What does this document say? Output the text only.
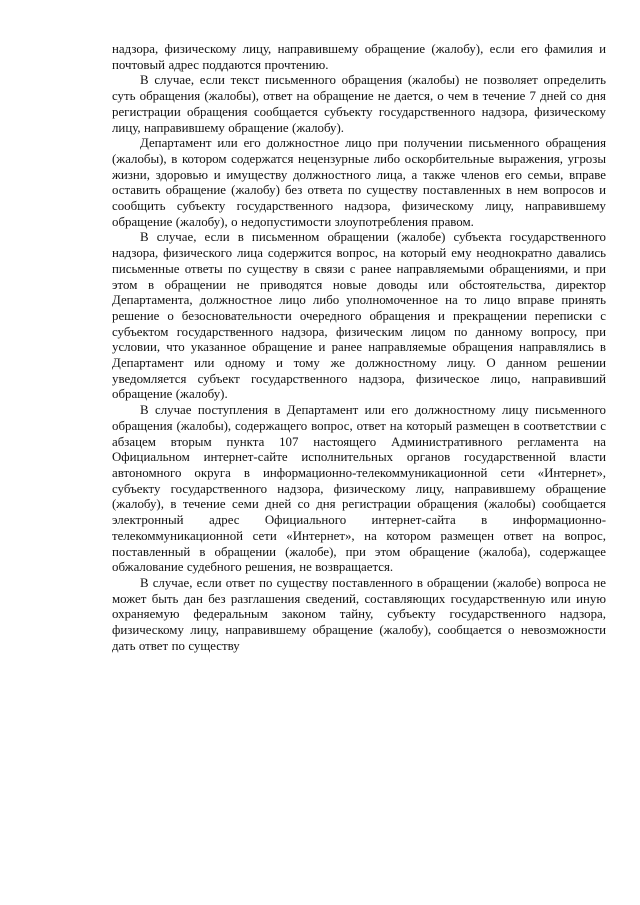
надзора, физическому лицу, направившему обращение (жалобу), если его фамилия и почтовый адрес поддаются прочтению.

В случае, если текст письменного обращения (жалобы) не позволяет определить суть обращения (жалобы), ответ на обращение не дается, о чем в течение 7 дней со дня регистрации обращения сообщается субъекту государственного надзора, физическому лицу, направившему обращение (жалобу).

Департамент или его должностное лицо при получении письменного обращения (жалобы), в котором содержатся нецензурные либо оскорбительные выражения, угрозы жизни, здоровью и имуществу должностного лица, а также членов его семьи, вправе оставить обращение (жалобу) без ответа по существу поставленных в нем вопросов и сообщить субъекту государственного надзора, физическому лицу, направившему обращение (жалобу), о недопустимости злоупотребления правом.

В случае, если в письменном обращении (жалобе) субъекта государственного надзора, физического лица содержится вопрос, на который ему неоднократно давались письменные ответы по существу в связи с ранее направляемыми обращениями, и при этом в обращении не приводятся новые доводы или обстоятельства, директор Департамента, должностное лицо либо уполномоченное на то лицо вправе принять решение о безосновательности очередного обращения и прекращении переписки с субъектом государственного надзора, физическим лицом по данному вопросу, при условии, что указанное обращение и ранее направляемые обращения направлялись в Департамент или одному и тому же должностному лицу. О данном решении уведомляется субъект государственного надзора, физическое лицо, направивший обращение (жалобу).

В случае поступления в Департамент или его должностному лицу письменного обращения (жалобы), содержащего вопрос, ответ на который размещен в соответствии с абзацем вторым пункта 107 настоящего Административного регламента на Официальном интернет-сайте исполнительных органов государственной власти автономного округа в информационно-телекоммуникационной сети «Интернет», субъекту государственного надзора, физическому лицу, направившему обращение (жалобу), в течение семи дней со дня регистрации обращения (жалобы) сообщается электронный адрес Официального интернет-сайта в информационно-телекоммуникационной сети «Интернет», на котором размещен ответ на вопрос, поставленный в обращении (жалобе), при этом обращение (жалоба), содержащее обжалование судебного решения, не возвращается.

В случае, если ответ по существу поставленного в обращении (жалобе) вопроса не может быть дан без разглашения сведений, составляющих государственную или иную охраняемую федеральным законом тайну, субъекту государственного надзора, физическому лицу, направившему обращение (жалобу), сообщается о невозможности дать ответ по существу
